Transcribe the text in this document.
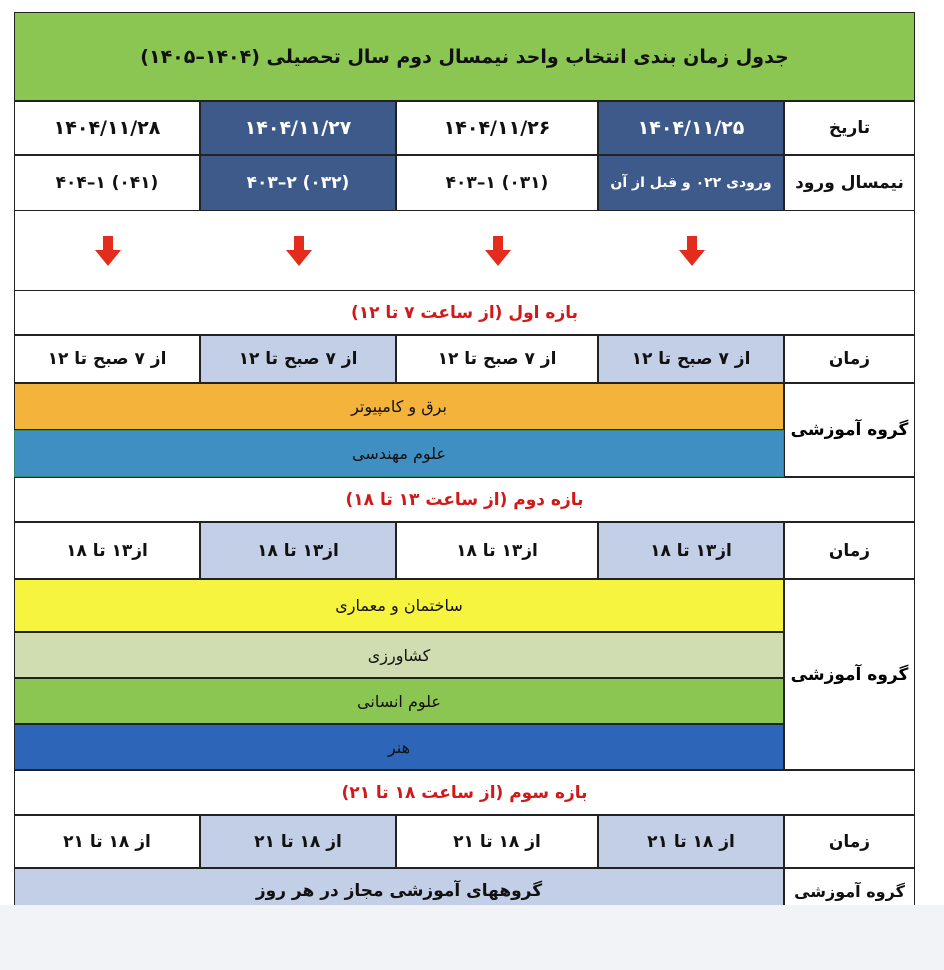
جدول زمان بندی انتخاب واحد نیمسال دوم سال تحصیلی (۱۴۰۴–۱۴۰۵)
تاریخ
۱۴۰۴/۱۱/۲۵
۱۴۰۴/۱۱/۲۶
۱۴۰۴/۱۱/۲۷
۱۴۰۴/۱۱/۲۸
نیمسال ورود
ورودی ۰۲۲ و قبل از آن
(۰۳۱) ۱–۴۰۳
(۰۳۲) ۲–۴۰۳
(۰۴۱) ۱–۴۰۴
بازه اول (از ساعت ۷ تا ۱۲)
زمان
از ۷ صبح تا ۱۲
از ۷ صبح تا ۱۲
از ۷ صبح تا ۱۲
از ۷ صبح تا ۱۲
گروه آموزشی
برق و کامپیوتر
علوم مهندسی
بازه دوم (از ساعت ۱۳ تا ۱۸)
زمان
از۱۳ تا ۱۸
از۱۳ تا ۱۸
از۱۳ تا ۱۸
از۱۳ تا ۱۸
گروه آموزشی
ساختمان و معماری
کشاورزی
علوم انسانی
هنر
بازه سوم (از ساعت ۱۸ تا ۲۱)
زمان
از ۱۸ تا ۲۱
از ۱۸ تا ۲۱
از ۱۸ تا ۲۱
از ۱۸ تا ۲۱
گروه آموزشی
گروههای آموزشی مجاز در هر روز
